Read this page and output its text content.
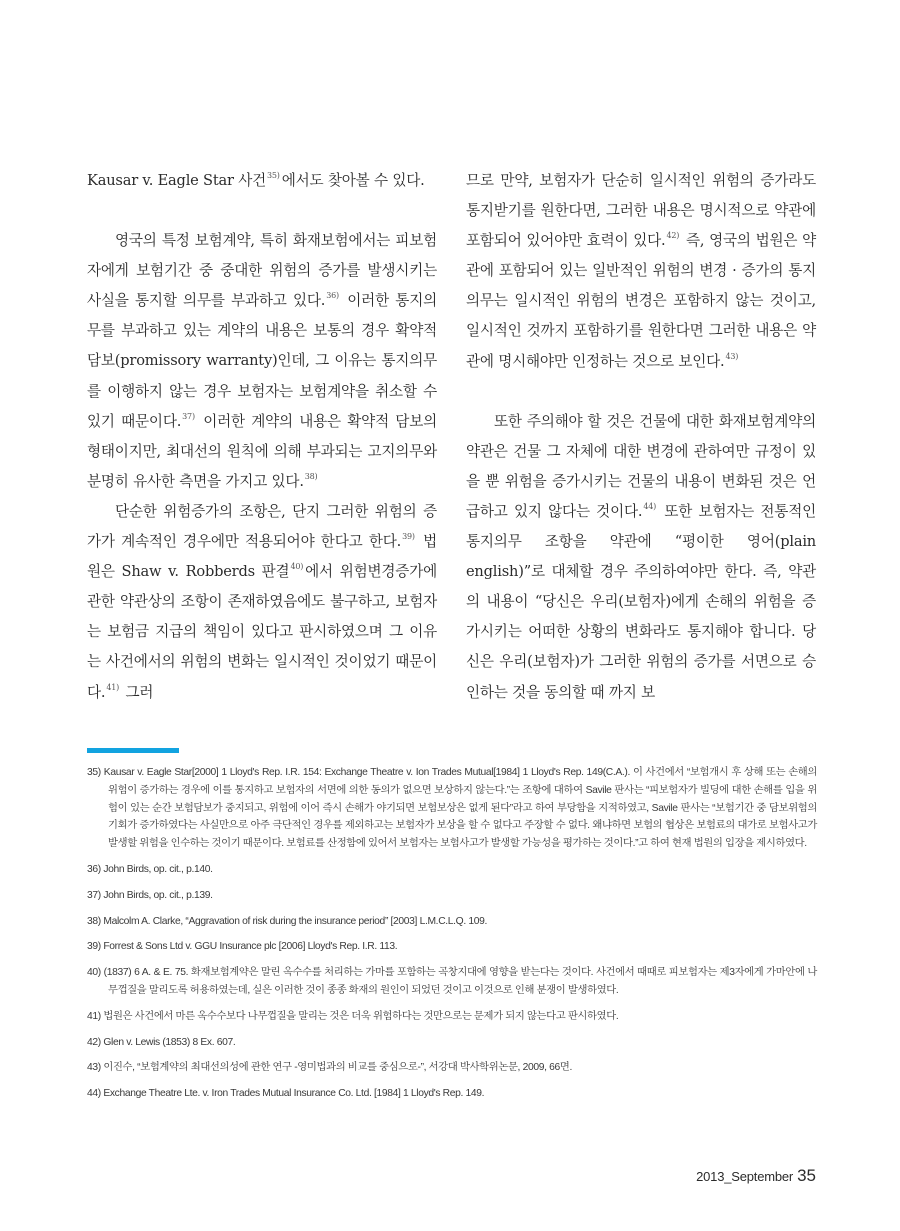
Kausar v. Eagle Star 사건$^{35)}$ 에서도 찾아볼 수 있다.

영국의 특정 보험계약, 특히 화재보험에서는 피보험자에게 보험기간 중 중대한 위험의 증가를 발생시키는 사실을 통지할 의무를 부과하고 있다.$^{36)}$ 이러한 통지의무를 부과하고 있는 계약의 내용은 보통의 경우 확약적 담보(promissory warranty)인데, 그 이유는 통지의무를 이행하지 않는 경우 보험자는 보험계약을 취소할 수 있기 때문이다.$^{37)}$ 이러한 계약의 내용은 확약적 담보의 형태이지만, 최대선의 원칙에 의해 부과되는 고지의무와 분명히 유사한 측면을 가지고 있다.$^{38)}$

단순한 위험증가의 조항은, 단지 그러한 위험의 증가가 계속적인 경우에만 적용되어야 한다고 한다.$^{39)}$ 법원은 Shaw v. Robberds 판결$^{40)}$ 에서 위험변경증가에 관한 약관상의 조항이 존재하였음에도 불구하고, 보험자는 보험금 지급의 책임이 있다고 판시하였으며 그 이유는 사건에서의 위험의 변화는 일시적인 것이었기 때문이다.$^{41)}$ 그러

므로 만약, 보험자가 단순히 일시적인 위험의 증가라도 통지받기를 원한다면, 그러한 내용은 명시적으로 약관에 포함되어 있어야만 효력이 있다.$^{42)}$ 즉, 영국의 법원은 약관에 포함되어 있는 일반적인 위험의 변경 · 증가의 통지의무는 일시적인 위험의 변경은 포함하지 않는 것이고, 일시적인 것까지 포함하기를 원한다면 그러한 내용은 약관에 명시해야만 인정하는 것으로 보인다.$^{43)}$

또한 주의해야 할 것은 건물에 대한 화재보험계약의 약관은 건물 그 자체에 대한 변경에 관하여만 규정이 있을 뿐 위험을 증가시키는 건물의 내용이 변화된 것은 언급하고 있지 않다는 것이다.$^{44)}$ 또한 보험자는 전통적인 통지의무 조항을 약관에 “평이한 영어(plain english)”로 대체할 경우 주의하여야만 한다. 즉, 약관의 내용이 “당신은 우리(보험자)에게 손해의 위험을 증가시키는 어떠한 상황의 변화라도 통지해야 합니다. 당신은 우리(보험자)가 그러한 위험의 증가를 서면으로 승인하는 것을 동의할 때 까지 보

35) Kausar v. Eagle Star[2000] 1 Lloyd's Rep. I.R. 154: Exchange Theatre v. Ion Trades Mutual[1984] 1 Lloyd's Rep. 149(C.A.). 이 사건에서 “보험개시 후 상해 또는 손해의 위험이 증가하는 경우에 이를 통지하고 보험자의 서면에 의한 동의가 없으면 보상하지 않는다.”는 조항에 대하여 Savile 판사는 “피보험자가 빌딩에 대한 손해를 입을 위험이 있는 순간 보험담보가 중지되고, 위험에 이어 즉시 손해가 야기되면 보험보상은 없게 된다”라고 하여 부당함을 지적하였고, Savile 판사는 “보험기간 중 담보위험의 기회가 증가하였다는 사실만으로 아주 극단적인 경우를 제외하고는 보험자가 보상을 할 수 없다고 주장할 수 없다. 왜냐하면 보험의 협상은 보험료의 대가로 보험사고가 발생할 위험을 인수하는 것이기 때문이다. 보험료를 산정함에 있어서 보험자는 보험사고가 발생할 가능성을 평가하는 것이다.”고 하여 현재 법원의 입장을 제시하였다.

36) John Birds, op. cit., p.140.

37) John Birds, op. cit., p.139.

38) Malcolm A. Clarke, “Aggravation of risk during the insurance period” [2003] L.M.C.L.Q. 109.

39) Forrest & Sons Ltd v. GGU Insurance plc [2006] Lloyd's Rep. I.R. 113.

40) (1837) 6 A. & E. 75. 화재보험계약은 말린 옥수수를 처리하는 가마를 포함하는 곡창지대에 영향을 받는다는 것이다. 사건에서 때때로 피보험자는 제3자에게 가마안에 나무껍질을 말리도록 허용하였는데, 실은 이러한 것이 종종 화재의 원인이 되었던 것이고 이것으로 인해 분쟁이 발생하였다.

41) 법원은 사건에서 마른 옥수수보다 나무껍질을 말리는 것은 더욱 위험하다는 것만으로는 문제가 되지 않는다고 판시하였다.

42) Glen v. Lewis (1853) 8 Ex. 607.

43) 이진수, “보험계약의 최대선의성에 관한 연구 -영미법과의 비교를 중심으로-”, 서강대 박사학위논문, 2009, 66면.

44) Exchange Theatre Lte. v. Iron Trades Mutual Insurance Co. Ltd. [1984] 1 Lloyd's Rep. 149.

2013_September 35
